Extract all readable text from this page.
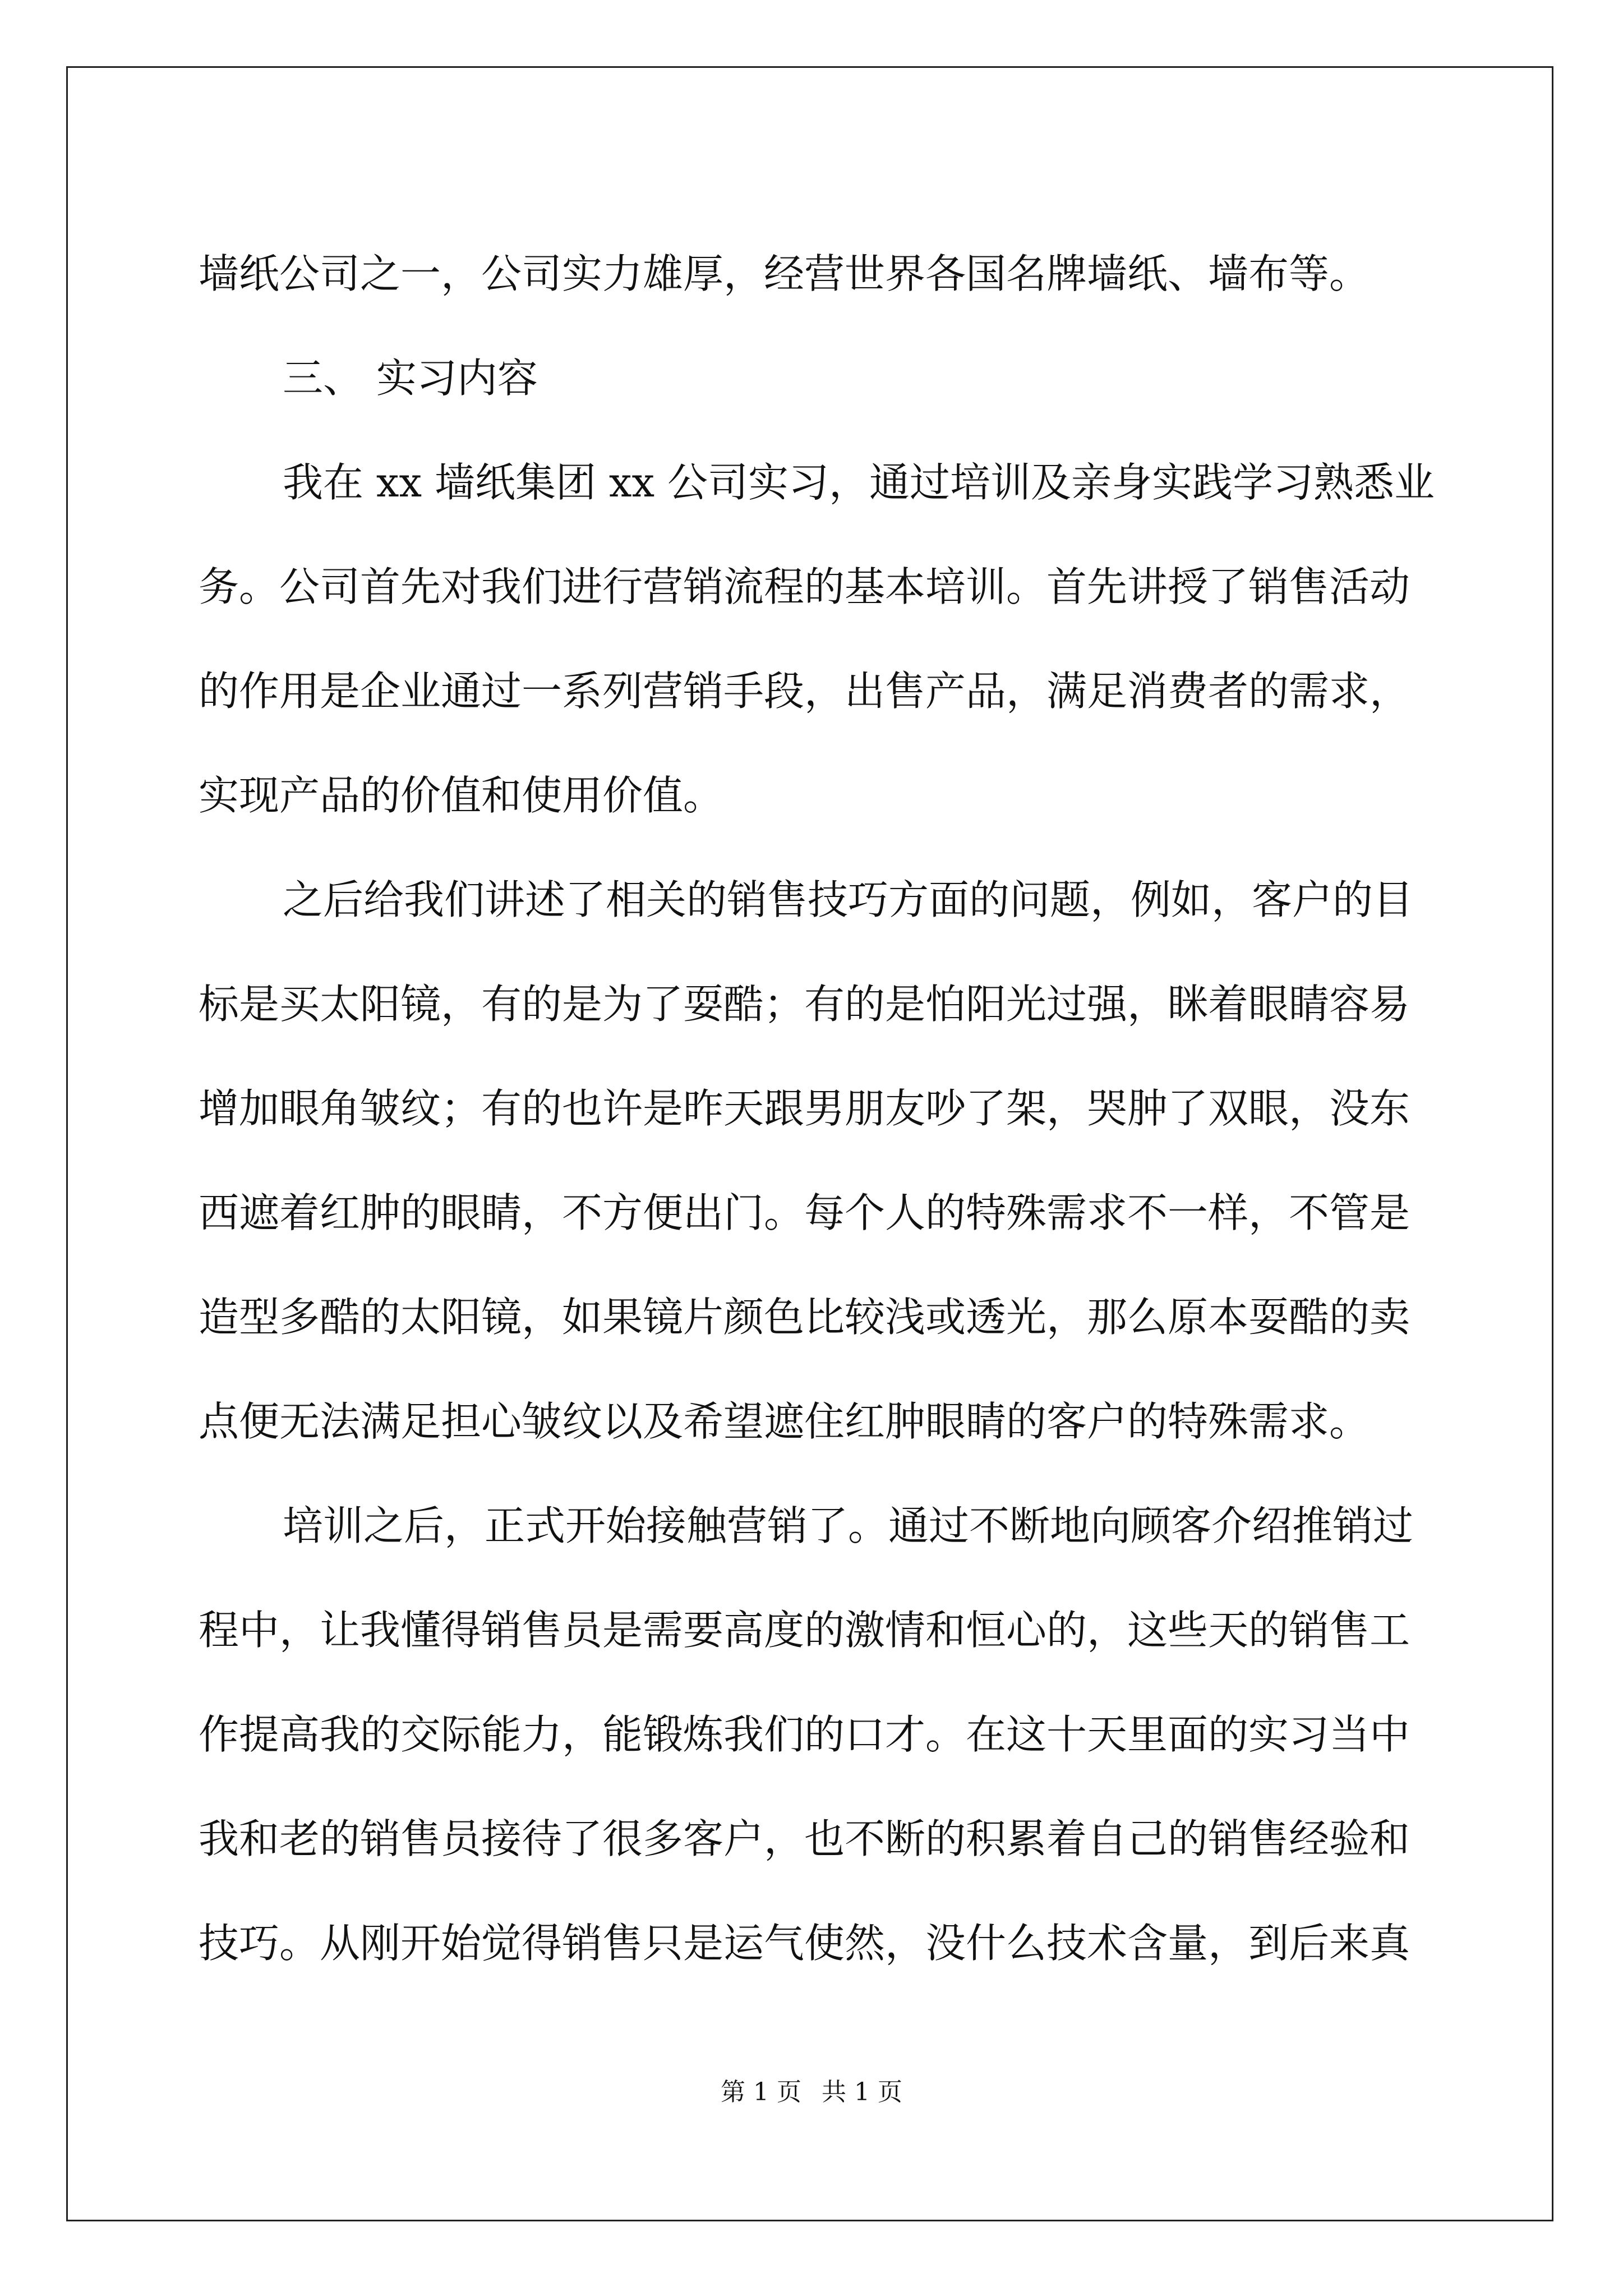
墙纸公司之一，公司实力雄厚，经营世界各国名牌墙纸、墙布等。
三、 实习内容
我在 xx 墙纸集团 xx 公司实习，通过培训及亲身实践学习熟悉业
务。公司首先对我们进行营销流程的基本培训。首先讲授了销售活动
的作用是企业通过一系列营销手段，出售产品，满足消费者的需求，
实现产品的价值和使用价值。
之后给我们讲述了相关的销售技巧方面的问题，例如，客户的目
标是买太阳镜，有的是为了耍酷；有的是怕阳光过强，眯着眼睛容易
增加眼角皱纹；有的也许是昨天跟男朋友吵了架，哭肿了双眼，没东
西遮着红肿的眼睛，不方便出门。每个人的特殊需求不一样，不管是
造型多酷的太阳镜，如果镜片颜色比较浅或透光，那么原本耍酷的卖
点便无法满足担心皱纹以及希望遮住红肿眼睛的客户的特殊需求。
培训之后，正式开始接触营销了。通过不断地向顾客介绍推销过
程中，让我懂得销售员是需要高度的激情和恒心的，这些天的销售工
作提高我的交际能力，能锻炼我们的口才。在这十天里面的实习当中
我和老的销售员接待了很多客户，也不断的积累着自己的销售经验和
技巧。从刚开始觉得销售只是运气使然，没什么技术含量，到后来真
第 1 页 共 1 页
